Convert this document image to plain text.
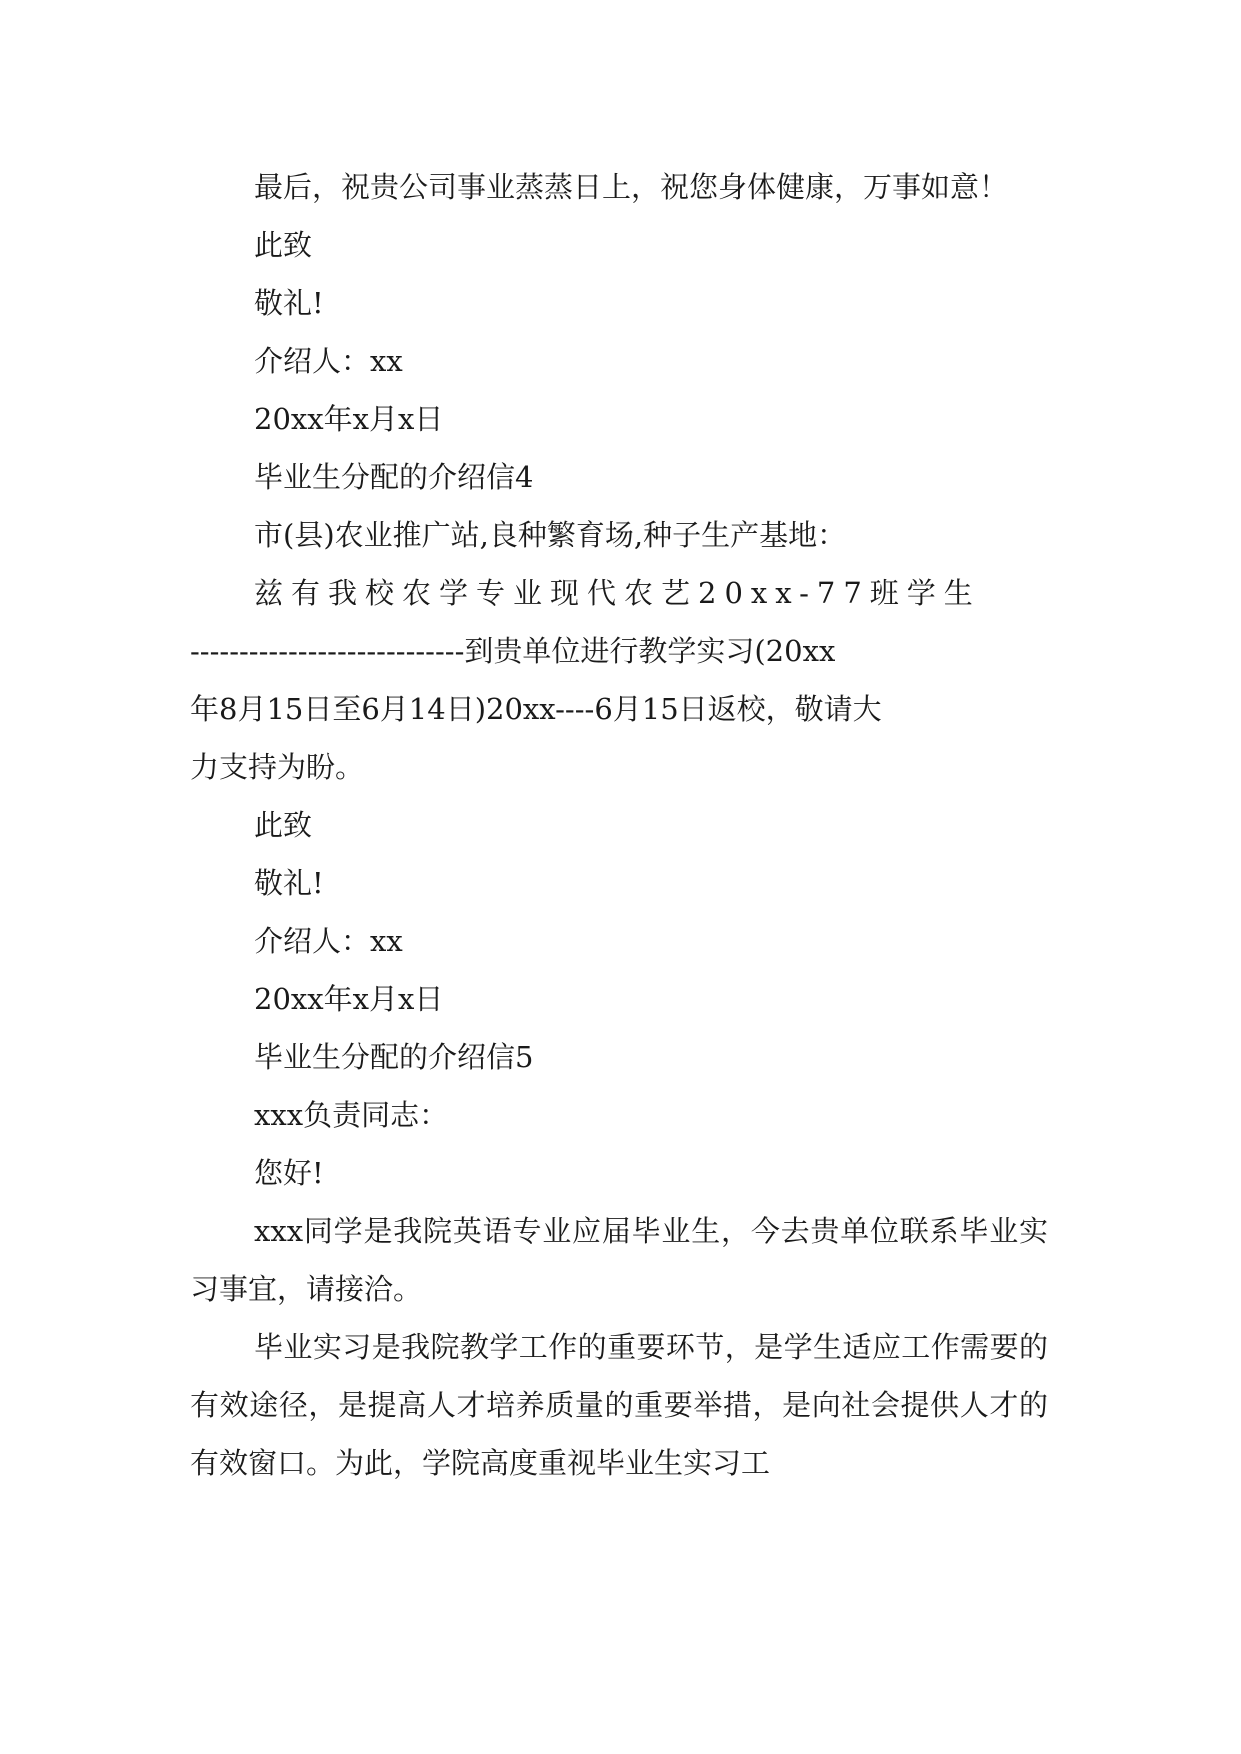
最后，祝贵公司事业蒸蒸日上，祝您身体健康，万事如意！

此致

敬礼!

介绍人：xx

20xx年x月x日

毕业生分配的介绍信4

市(县)农业推广站,良种繁育场,种子生产基地：

兹有我校农学专业现代农艺20xx-77班学生

----------------------------到贵单位进行教学实习(20xx

年8月15日至6月14日)20xx----6月15日返校，敬请大

力支持为盼。

此致

敬礼!

介绍人：xx

20xx年x月x日

毕业生分配的介绍信5

xxx负责同志：

您好!

xxx同学是我院英语专业应届毕业生，今去贵单位联系毕业实习事宜，请接洽。

毕业实习是我院教学工作的重要环节，是学生适应工作需要的有效途径，是提高人才培养质量的重要举措，是向社会提供人才的有效窗口。为此，学院高度重视毕业生实习工
